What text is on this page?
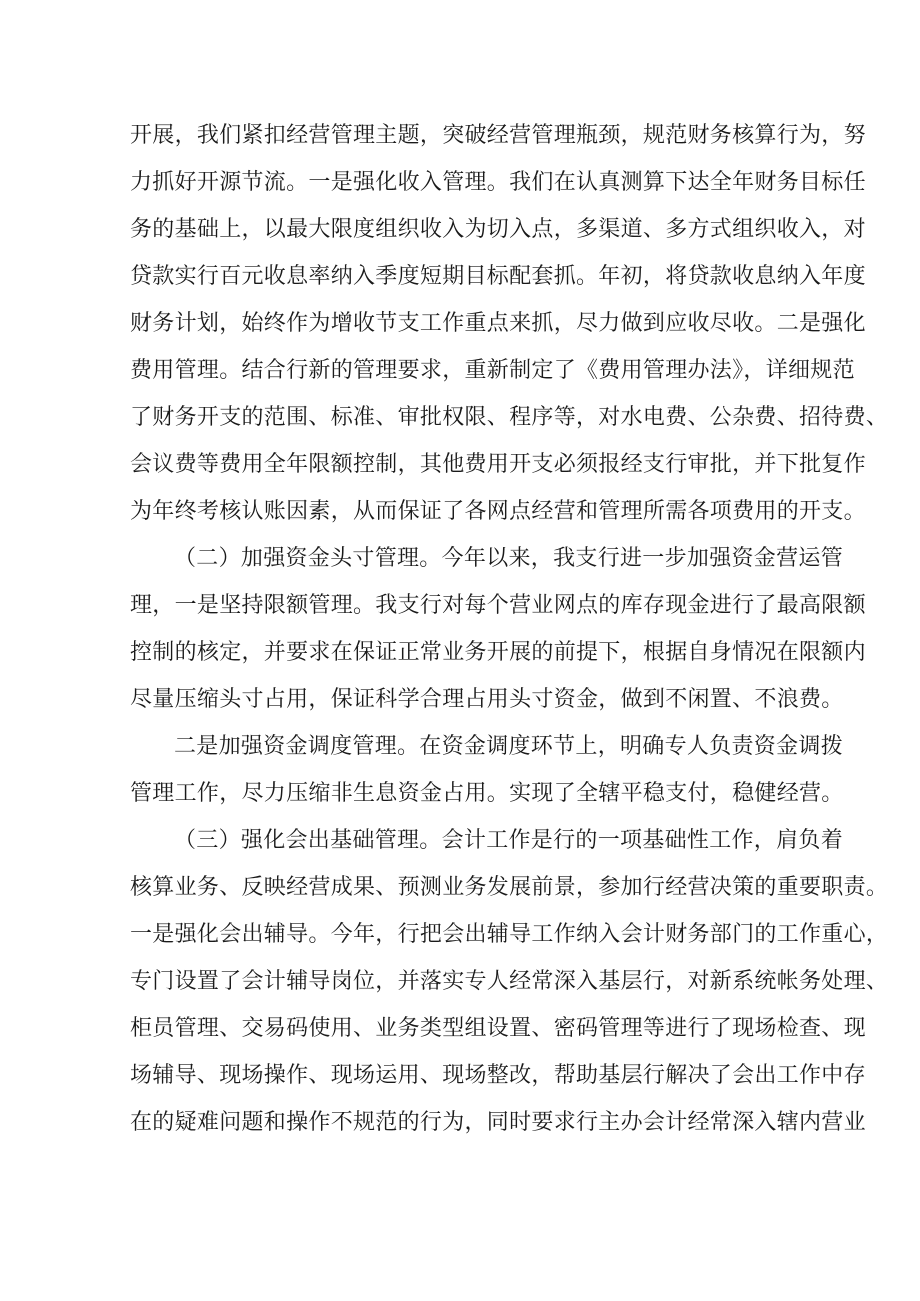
开展，我们紧扣经营管理主题，突破经营管理瓶颈，规范财务核算行为，努
力抓好开源节流。一是强化收入管理。我们在认真测算下达全年财务目标任
务的基础上，以最大限度组织收入为切入点，多渠道、多方式组织收入，对
贷款实行百元收息率纳入季度短期目标配套抓。年初，将贷款收息纳入年度
财务计划，始终作为增收节支工作重点来抓，尽力做到应收尽收。二是强化
费用管理。结合行新的管理要求，重新制定了《费用管理办法》，详细规范
了财务开支的范围、标准、审批权限、程序等，对水电费、公杂费、招待费、
会议费等费用全年限额控制，其他费用开支必须报经支行审批，并下批复作
为年终考核认账因素，从而保证了各网点经营和管理所需各项费用的开支。
（二）加强资金头寸管理。今年以来，我支行进一步加强资金营运管
理，一是坚持限额管理。我支行对每个营业网点的库存现金进行了最高限额
控制的核定，并要求在保证正常业务开展的前提下，根据自身情况在限额内
尽量压缩头寸占用，保证科学合理占用头寸资金，做到不闲置、不浪费。
二是加强资金调度管理。在资金调度环节上，明确专人负责资金调拨
管理工作，尽力压缩非生息资金占用。实现了全辖平稳支付，稳健经营。
（三）强化会出基础管理。会计工作是行的一项基础性工作，肩负着
核算业务、反映经营成果、预测业务发展前景，参加行经营决策的重要职责。
一是强化会出辅导。今年，行把会出辅导工作纳入会计财务部门的工作重心，
专门设置了会计辅导岗位，并落实专人经常深入基层行，对新系统帐务处理、
柜员管理、交易码使用、业务类型组设置、密码管理等进行了现场检查、现
场辅导、现场操作、现场运用、现场整改，帮助基层行解决了会出工作中存
在的疑难问题和操作不规范的行为，同时要求行主办会计经常深入辖内营业
